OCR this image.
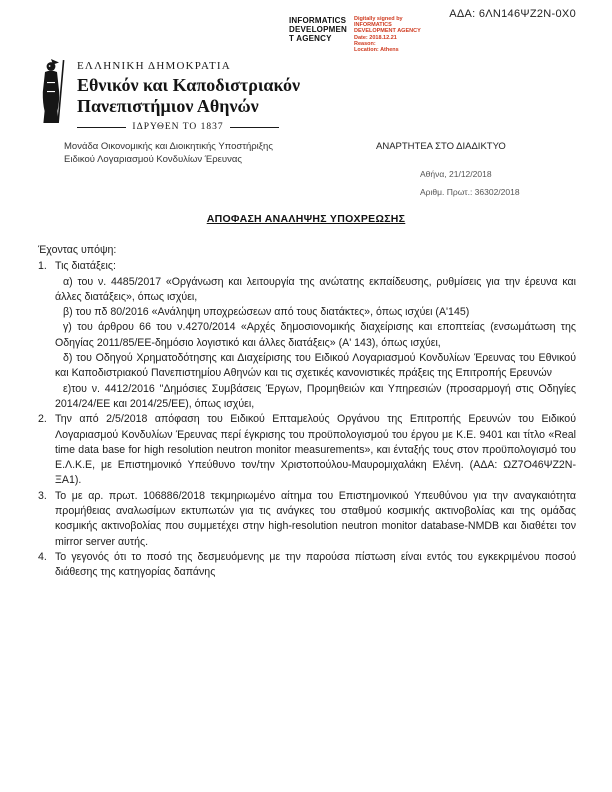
ΑΔΑ: 6ΛΝ146ΨΖ2Ν-0Χ0
INFORMATICS
DEVELOPMEN
T AGENCY
Digitally signed by
INFORMATICS
DEVELOPMENT AGENCY
Date: 2018.12.21
Reason:
Location: Athens
ΕΛΛΗΝΙΚΗ ΔΗΜΟΚΡΑΤΙΑ
Εθνικόν και Καποδιστριακόν
Πανεπιστήμιον Αθηνών
ΙΔΡΥΘΕΝ ΤΟ 1837
Μονάδα Οικονομικής και Διοικητικής Υποστήριξης
Ειδικού Λογαριασμού Κονδυλίων Έρευνας
ΑΝΑΡΤΗΤΕΑ ΣΤΟ ΔΙΑΔΙΚΤΥΟ
Αθήνα, 21/12/2018
Αριθμ. Πρωτ.: 36302/2018
ΑΠΟΦΑΣΗ ΑΝΑΛΗΨΗΣ ΥΠΟΧΡΕΩΣΗΣ
Έχοντας υπόψη:
1. Τις διατάξεις:
α) του ν. 4485/2017 «Οργάνωση και λειτουργία της ανώτατης εκπαίδευσης, ρυθμίσεις για την έρευνα και άλλες διατάξεις», όπως ισχύει,
β) του πδ 80/2016 «Ανάληψη υποχρεώσεων από τους διατάκτες», όπως ισχύει (Α'145)
γ) του άρθρου 66 του ν.4270/2014 «Αρχές δημοσιονομικής διαχείρισης και εποπτείας (ενσωμάτωση της Οδηγίας 2011/85/ΕΕ-δημόσιο λογιστικό και άλλες διατάξεις» (Α' 143), όπως ισχύει,
δ) του Οδηγού Χρηματοδότησης και Διαχείρισης του Ειδικού Λογαριασμού Κονδυλίων Έρευνας του Εθνικού και Καποδιστριακού Πανεπιστημίου Αθηνών και τις σχετικές κανονιστικές πράξεις της Επιτροπής Ερευνών
ε)του ν. 4412/2016 "Δημόσιες Συμβάσεις Έργων, Προμηθειών και Υπηρεσιών (προσαρμογή στις Οδηγίες 2014/24/ΕΕ και 2014/25/ΕΕ), όπως ισχύει,
2. Την από 2/5/2018 απόφαση του Ειδικού Επταμελούς Οργάνου της Επιτροπής Ερευνών του Ειδικού Λογαριασμού Κονδυλίων Έρευνας περί έγκρισης του προϋπολογισμού του έργου με Κ.Ε. 9401 και τίτλο «Real time data base for high resolution neutron monitor measurements», και ένταξής τους στον προϋπολογισμό του Ε.Λ.Κ.Ε, με Επιστημονικό Υπεύθυνο τον/την Χριστοπούλου-Μαυρομιχαλάκη Ελένη. (ΑΔΑ: ΩΖ7Ο46ΨΖ2Ν-ΞΑ1).
3. Το με αρ. πρωτ. 106886/2018 τεκμηριωμένο αίτημα του Επιστημονικού Υπευθύνου για την αναγκαιότητα προμήθειας αναλωσίμων εκτυπωτών για τις ανάγκες του σταθμού κοσμικής ακτινοβολίας και της ομάδας κοσμικής ακτινοβολίας που συμμετέχει στην high-resolution neutron monitor database-NMDB και διαθέτει τον mirror server αυτής.
4. Το γεγονός ότι το ποσό της δεσμευόμενης με την παρούσα πίστωση είναι εντός του εγκεκριμένου ποσού διάθεσης της κατηγορίας δαπάνης
